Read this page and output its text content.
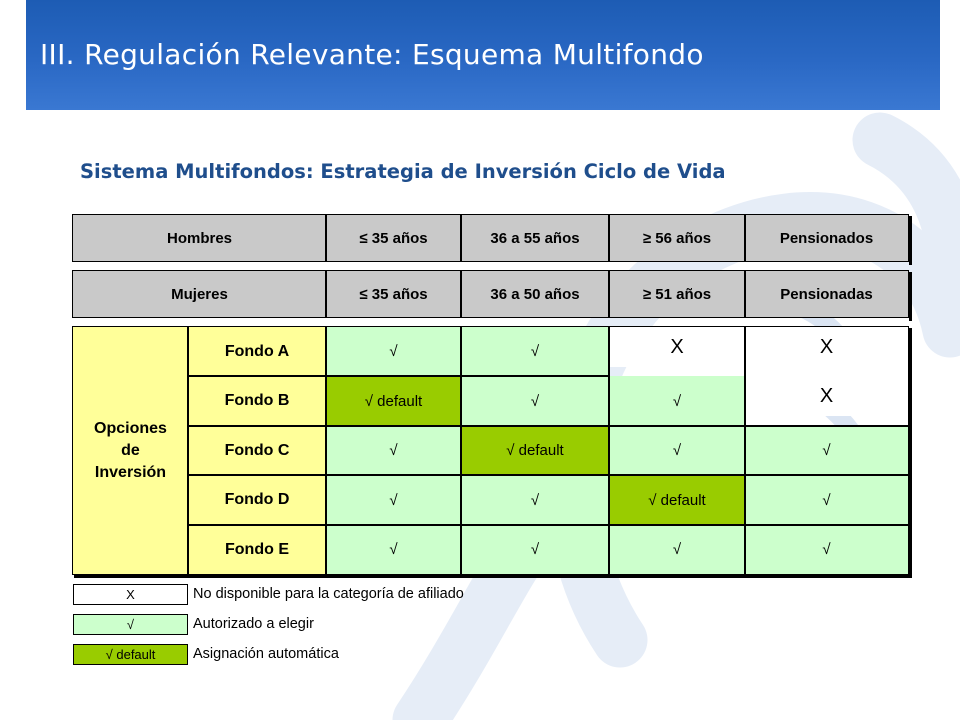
III. Regulación Relevante: Esquema Multifondo
Sistema Multifondos: Estrategia de Inversión Ciclo de Vida
Hombres	≤ 35 años	36 a 55 años	≥ 56 años	Pensionados
Mujeres	≤ 35 años	36 a 50 años	≥ 51 años	Pensionadas
Opciones
de
Inversión
Fondo A	√	√	X	X
Fondo B	√ default	√	√	X
Fondo C	√	√ default	√	√
Fondo D	√	√	√ default	√
Fondo E	√	√	√	√
X	No disponible para la categoría de afiliado
√	Autorizado a elegir
√ default	Asignación automática
